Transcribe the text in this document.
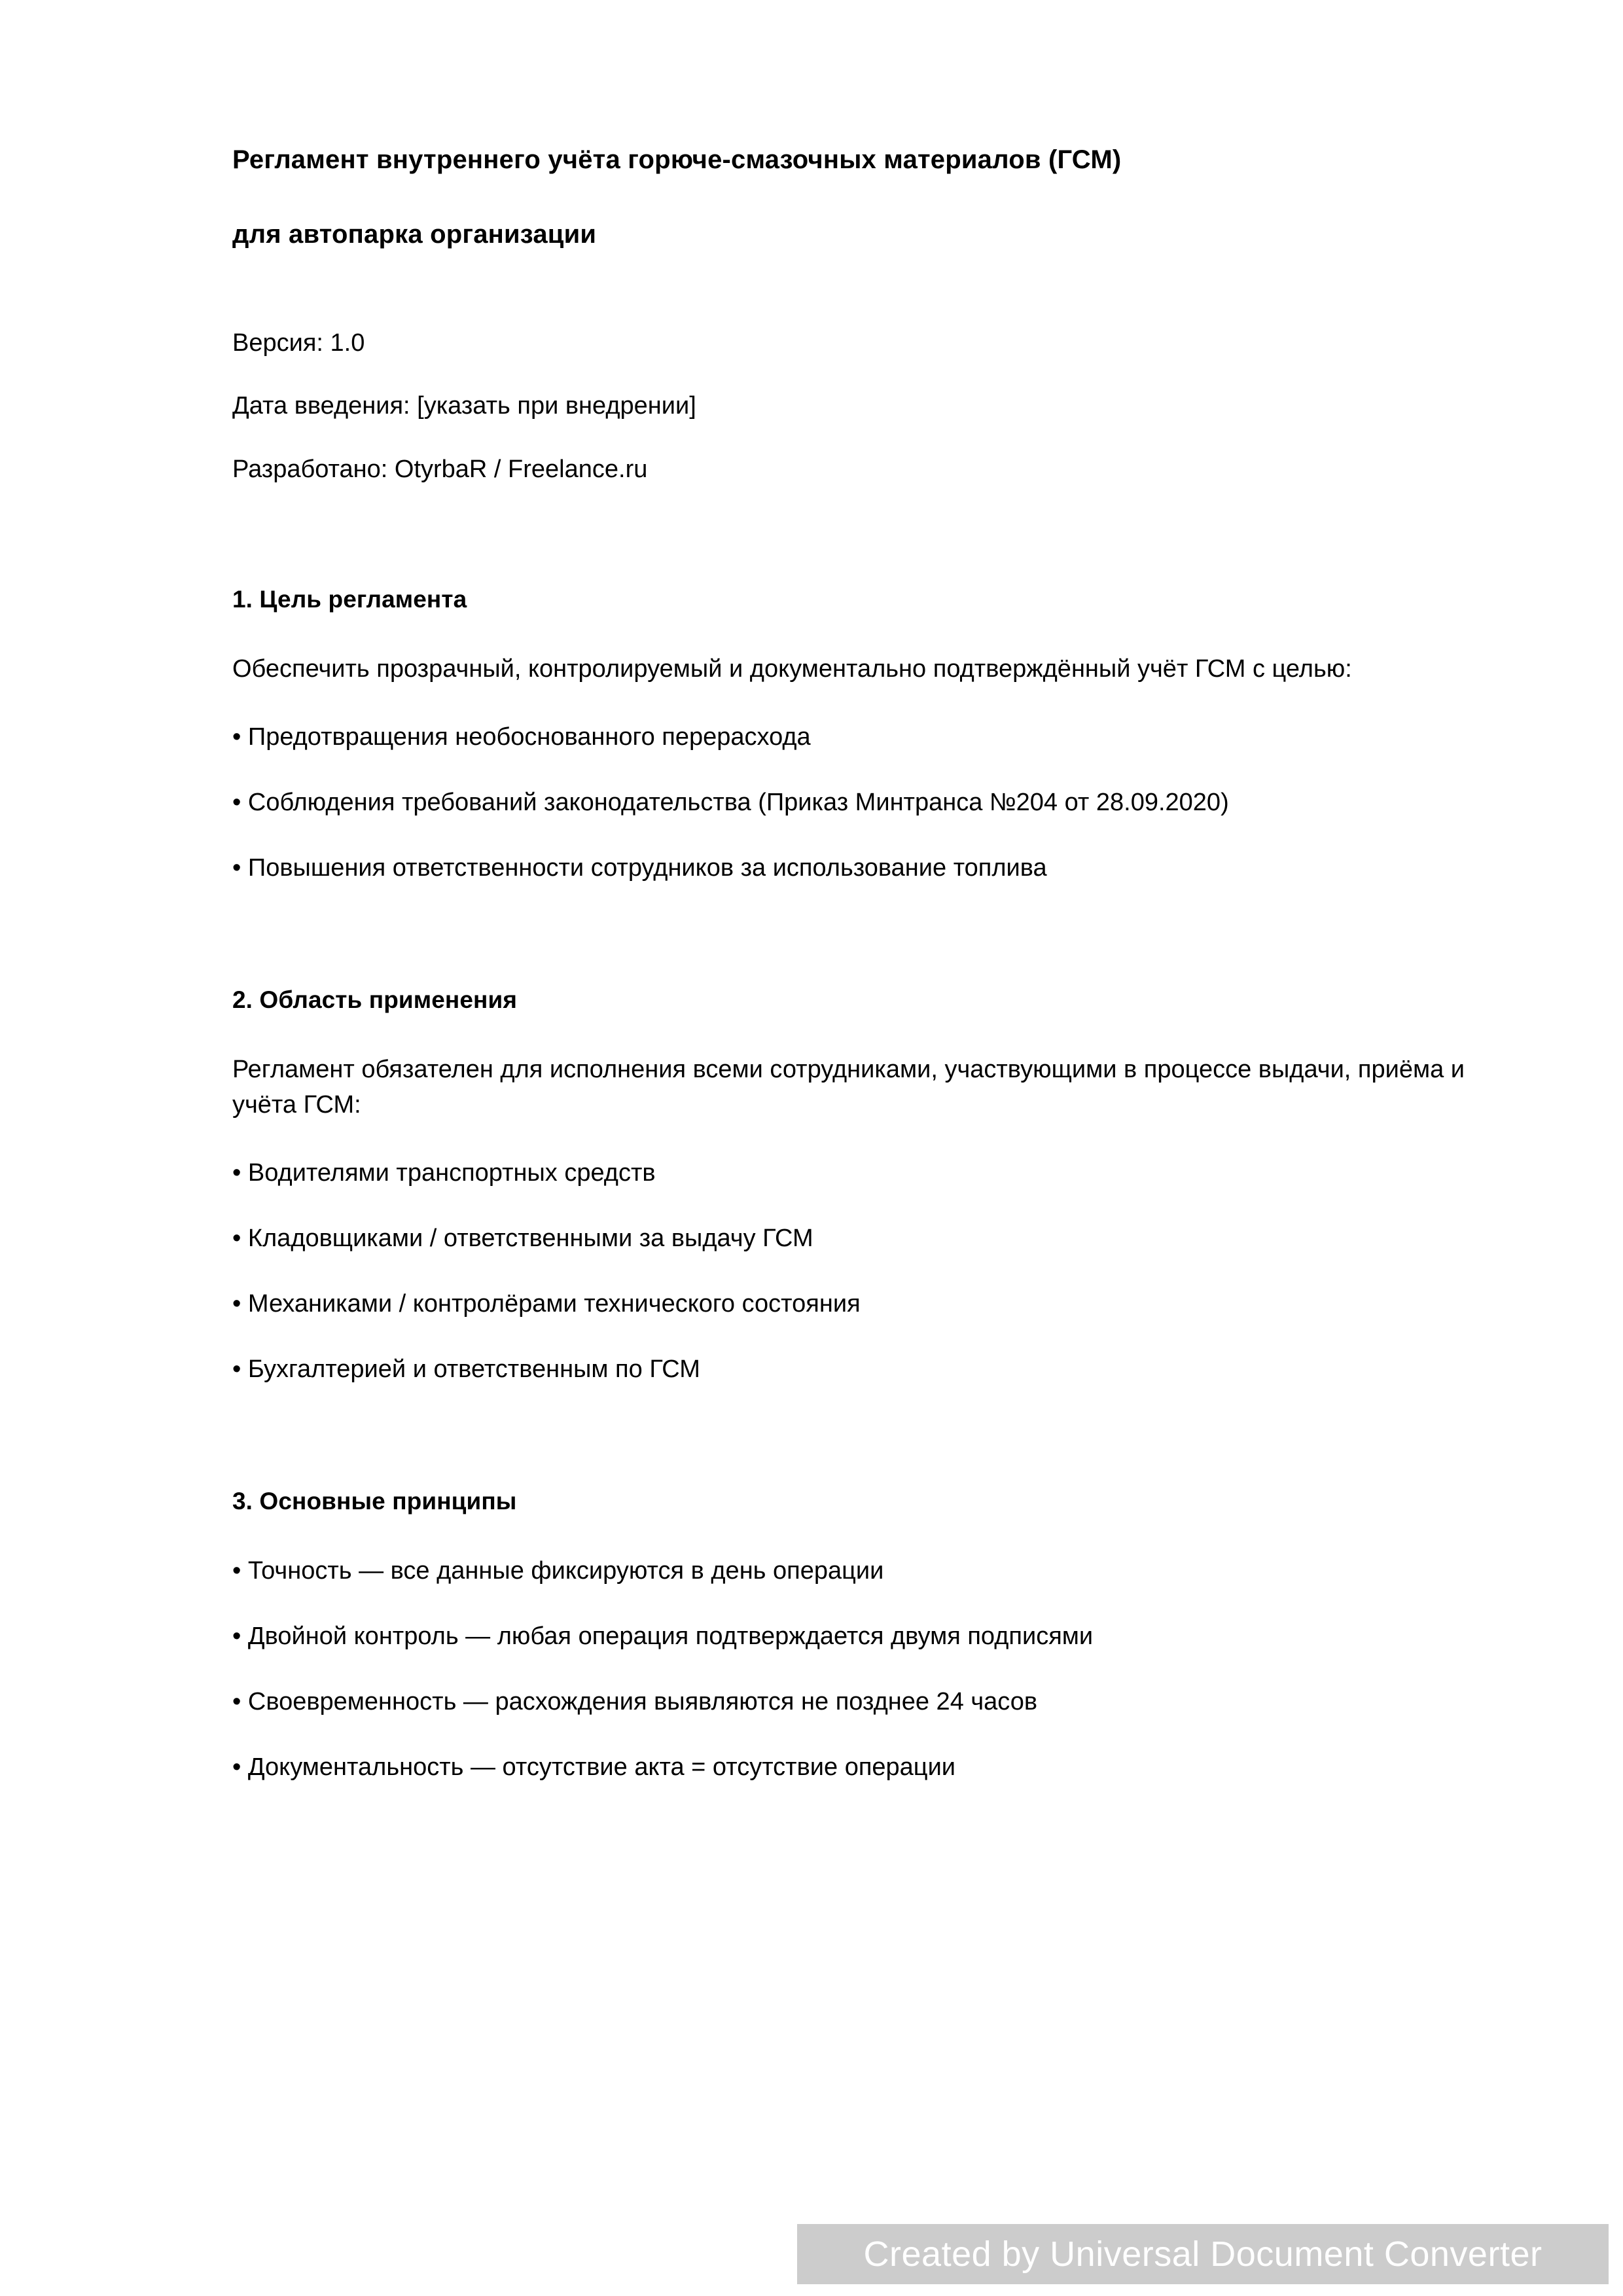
Регламент внутреннего учёта горюче-смазочных материалов (ГСМ)
для автопарка организации
Версия: 1.0
Дата введения: [указать при внедрении]
Разработано: OtyrbaR / Freelance.ru
1. Цель регламента

Обеспечить прозрачный, контролируемый и документально подтверждённый учёт ГСМ с целью:

• Предотвращения необоснованного перерасхода
• Соблюдения требований законодательства (Приказ Минтранса №204 от 28.09.2020)
• Повышения ответственности сотрудников за использование топлива
2. Область применения

Регламент обязателен для исполнения всеми сотрудниками, участвующими в процессе выдачи, приёма и учёта ГСМ:

• Водителями транспортных средств
• Кладовщиками / ответственными за выдачу ГСМ
• Механиками / контролёрами технического состояния
• Бухгалтерией и ответственным по ГСМ
3. Основные принципы
• Точность — все данные фиксируются в день операции
• Двойной контроль — любая операция подтверждается двумя подписями
• Своевременность — расхождения выявляются не позднее 24 часов
• Документальность — отсутствие акта = отсутствие операции
Created by Universal Document Converter
